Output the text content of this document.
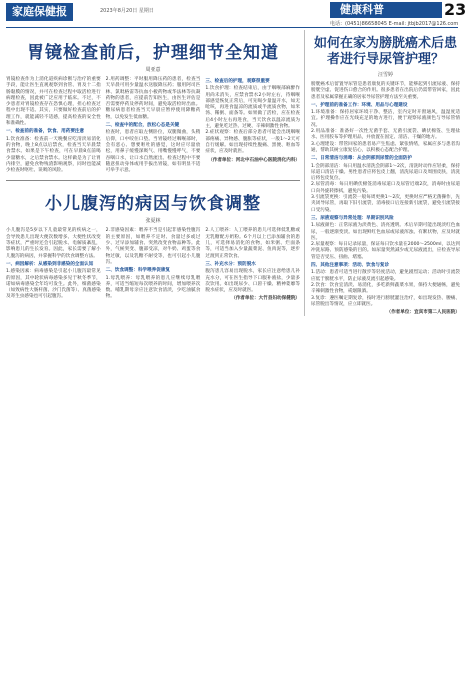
家庭保健报	2023年8月20日 星期日	健康科普	23
电话：(0451)86658045 E-mail: jtbjb2017@126.com
胃镜检查前后，护理细节全知道
周亚意

胃镜检查作为上消化道疾病诊断与治疗的重要手段，能让医生直观观察到食管、胃及十二指肠黏膜的情况，并可在检查过程中取活检进行病理检查，因此被广泛应用于临床。不过，不少患者对胃镜检查存在恐惧心理，担心检查过程中出现不适。其实，只要做好检查前后的护理工作，就能减轻不适感，提高检查的安全性和准确性。

一、检查前的准备，饮食、用药要注意

1.饮食准备：检查前一天晚餐应吃清淡易消化的食物，晚上8点以后禁食，检查当天早晨禁食禁水。如果是下午检查，可在早晨8点前喝少量糖水，之后禁食禁水。这样做是为了让胃内排空，避免食物残渣影响观察，同时也能减少检查时呕吐、误吸的风险。

2.用药调整：平时服用降压药的患者，检查当天早晨可用少量温水送服降压药；服用阿司匹林、氯吡格雷等抗血小板药物或华法林等抗凝药物的患者，应提前告知医生，由医生评估是否需要停药及停药时间，避免取活检时出血。糖尿病患者检查当天早晨应暂停使用降糖药物，以免发生低血糖。

二、检查中的配合，放松心态是关键

检查时，患者应取左侧卧位，双腿微曲，头稍后仰，口中咬住口垫。当胃镜经过咽喉部时，会有恶心、想要呕吐的感觉，这时应尽量放松，用鼻子缓慢深吸气、用嘴慢慢呼气，不要吞咽口水，让口水自然流出。检查过程中不要随意扭动身体或用手拔出胃镜，如有明显不适可举手示意。

三、检查后的护理，观察很重要

1.饮食护理：检查结束后，由于咽喉部麻醉作用尚未消失，应禁食禁水2小时左右，待咽喉部感觉恢复正常后，可先喝少量温开水，如无呛咳，再进食温凉的流质或半流质食物，如米汤、稀粥、面条等。如果做了活检，应在检查后4小时左右再进食，当天饮食以温凉流质为主，避免吃过热、过硬、辛辣刺激性食物。

2.症状观察：检查后部分患者可能会出现咽喉部疼痛、异物感、腹胀等症状，一般1～2天可自行缓解。如出现持续性腹痛、黑便、呕血等症状，应及时就医。

（作者单位：河北中石油中心医院消化内科）

小儿腹泻的病因与饮食调整
张夏林

小儿腹泻是5岁以下儿童最常见的疾病之一，会导致患儿出现大便次数增多、大便性状改变等症状，严重时还会引起脱水、电解质紊乱，影响患儿的生长发育。因此，家长需要了解小儿腹泻的病因，并掌握科学的饮食调整方法。

一、病因解析：从感染到非感染的全面认知

1.感染因素：病毒感染是引起小儿腹泻最常见的原因，其中轮状病毒感染多见于秋冬季节，诺如病毒感染全年均可发生。此外，细菌感染（如致病性大肠杆菌、沙门氏菌等）、真菌感染及寄生虫感染也可引起腹泻。

2.非感染因素：喂养不当是引起非感染性腹泻的主要原因，如喂养不定时、食量过多或过少、过早添加辅食、突然改变食物品种等。此外，气候突变、腹部受凉，对牛奶、鸡蛋等食物过敏，以及乳糖不耐受等，也可引起小儿腹泻。

二、饮食调整：科学喂养促康复

1.母乳喂养：母乳喂养的患儿应继续母乳喂养，可适当缩短每次喂养的时间，增加喂养次数。哺乳期母亲应注意饮食清淡，少吃油腻食物。

2.人工喂养：人工喂养的患儿可选择低乳糖或无乳糖配方奶粉。6个月以上已添加辅食的患儿，可选择易消化的食物，如米粥、烂面条等，可适当加入少量蔬菜泥、鱼肉泥等，逐步过渡到正常饮食。

三、补充水分：预防脱水

腹泻患儿容易出现脱水，家长应注意给患儿补充水分，可在医生指导下口服补液盐，少量多次饮用。如出现尿少、口唇干燥、精神萎靡等脱水症状，应及时就医。

（作者单位：大竹县妇幼保健院）

如何在家为膀胱癌术后患者进行导尿管护理？
汪雪婷

膀胱癌术后留置导尿管是患者康复的关键环节，能够起到引流尿液、保持膀胱空虚、促进伤口愈合的作用。很多患者在出院后仍需带管回家，因此患者及家属掌握正确的居家导尿管护理方法至关重要。

一、护理前的准备工作：环境、用品与心理建设

1.环境准备：保持居家环境干净、整洁，室内定时开窗通风，温湿度适宜。护理操作应在光线充足的地方进行，便于观察尿液颜色与导尿管情况。

2.用品准备：准备好一次性无菌手套、无菌引流袋、碘伏棉签、生理盐水、医用胶布等护理用品，并放置在固定、清洁、干燥的地方。

3.心理建设：带管回家的患者易产生焦虑、紧张情绪，家属应多与患者沟通，帮助其树立康复信心，以积极心态配合护理。

二、日常清洁与消毒：从会阴部到尿管的全面防护

1.会阴部清洁：每日用温水清洗会阴部1～2次，清洗时动作应轻柔，保持尿道口清洁干燥。男性患者应将包皮上翻，清洗尿道口及周围皮肤，清洗后将包皮复位。

2.尿管消毒：每日用碘伏棉签消毒尿道口及尿管近端2次，消毒时由尿道口向外旋转擦拭，避免污染。

3.引流袋更换：引流袋一般每周更换1～2次，更换时应严格无菌操作，先夹闭导尿管，再取下旧引流袋，消毒接口后连接新引流袋，避免引流袋接口受污染。

三、尿液观察与异常处理：早期识别风险

1.尿液颜色：正常尿液为淡黄色、清亮透明。术后早期可能出现淡红色血尿，一般逐渐变淡。如出现鲜红色血尿或尿液浑浊、有絮状物，应及时就医。

2.尿量观察：每日记录尿量，保证每日饮水量在2000～2500ml，以达到冲洗尿路、预防感染的目的。如尿量突然减少或无尿液流出，应检查导尿管是否受压、扭曲、堵塞。

四、其他注意事项：活动、饮食与复诊

1.活动：患者可适当进行散步等轻度活动，避免剧烈运动；活动时引流袋应低于膀胱水平，防止尿液反流引起感染。

2.饮食：饮食宜清淡、易消化，多吃新鲜蔬菜水果，保持大便通畅，避免辛辣刺激性食物，戒烟限酒。

3.复诊：遵医嘱定期复诊，按时进行膀胱灌注治疗，如出现发热、腰痛、尿管脱出等情况，应立即就医。

（作者单位：宜宾市第二人民医院）
